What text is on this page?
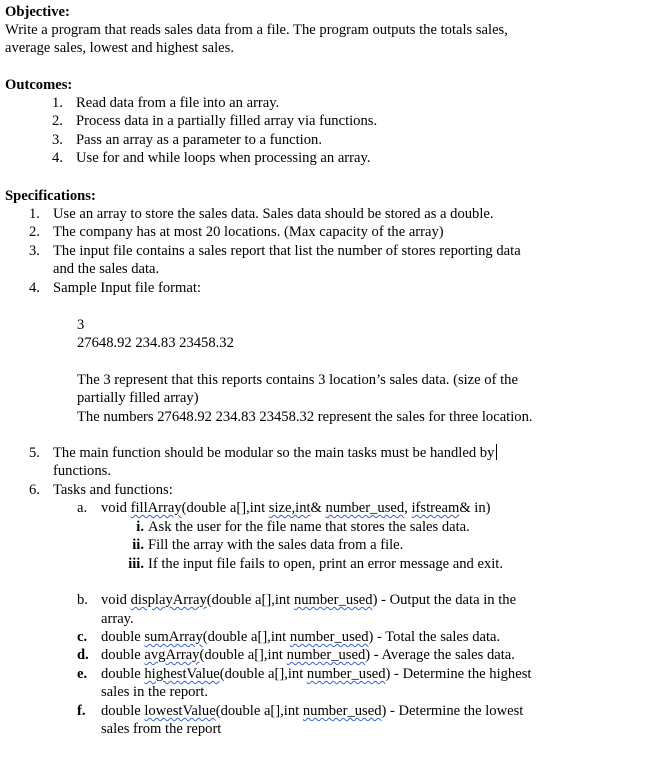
Objective:
Write a program that reads sales data from a file. The program outputs the totals sales,
average sales, lowest and highest sales.
Outcomes:
1. Read data from a file into an array.
2. Process data in a partially filled array via functions.
3. Pass an array as a parameter to a function.
4. Use for and while loops when processing an array.
Specifications:
1. Use an array to store the sales data. Sales data should be stored as a double.
2. The company has at most 20 locations. (Max capacity of the array)
3. The input file contains a sales report that list the number of stores reporting data
and the sales data.
4. Sample Input file format:
3
27648.92 234.83 23458.32
The 3 represent that this reports contains 3 location’s sales data. (size of the
partially filled array)
The numbers 27648.92 234.83 23458.32 represent the sales for three location.
5. The main function should be modular so the main tasks must be handled by
functions.
6. Tasks and functions:
a. void fillArray(double a[],int size,int& number_used, ifstream& in)
i. Ask the user for the file name that stores the sales data.
ii. Fill the array with the sales data from a file.
iii. If the input file fails to open, print an error message and exit.
b. void displayArray(double a[],int number_used) - Output the data in the
array.
c. double sumArray(double a[],int number_used) - Total the sales data.
d. double avgArray(double a[],int number_used) - Average the sales data.
e. double highestValue(double a[],int number_used) - Determine the highest
sales in the report.
f. double lowestValue(double a[],int number_used) - Determine the lowest
sales from the report
